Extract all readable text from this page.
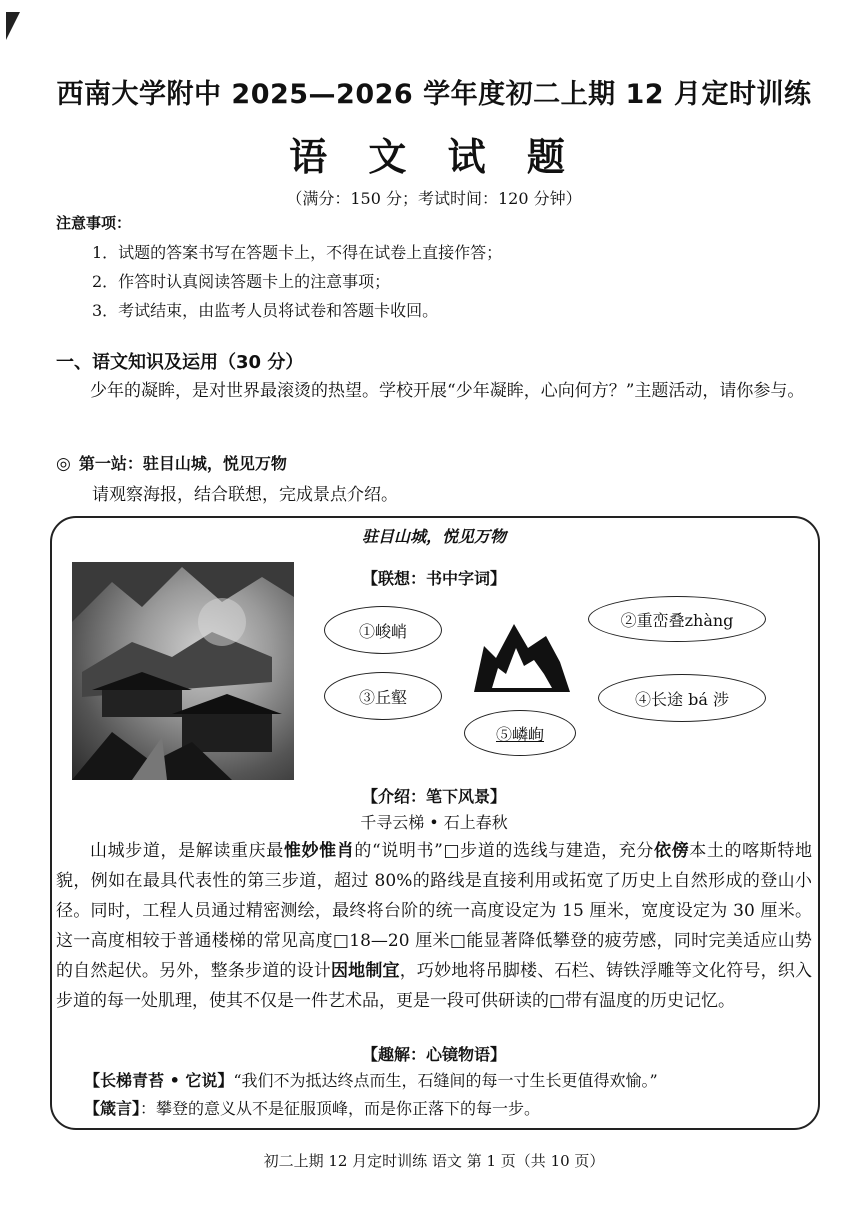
西南大学附中 2025—2026 学年度初二上期 12 月定时训练
语 文 试 题
（满分：150 分；考试时间：120 分钟）
注意事项：
1．试题的答案书写在答题卡上，不得在试卷上直接作答；
2．作答时认真阅读答题卡上的注意事项；
3．考试结束，由监考人员将试卷和答题卡收回。
一、语文知识及运用（30 分）
少年的凝眸，是对世界最滚烫的热望。学校开展“少年凝眸，心向何方？”主题活动，请你参与。
◎ 第一站：驻目山城，悦见万物
请观察海报，结合联想，完成景点介绍。
驻目山城，悦见万物
【联想：书中字词】
①峻峭
②重峦叠zhàng
③丘壑	④长途 bá 涉
⑤嶙峋
【介绍：笔下风景】
千寻云梯 • 石上春秋
山城步道，是解读重庆最惟妙惟肖的“说明书”□步道的选线与建造，充分依傍本土的喀斯特地貌，例如在最具代表性的第三步道，超过 80%的路线是直接利用或拓宽了历史上自然形成的登山小径。同时，工程人员通过精密测绘，最终将台阶的统一高度设定为 15 厘米，宽度设定为 30 厘米。这一高度相较于普通楼梯的常见高度□18—20 厘米□能显著降低攀登的疲劳感，同时完美适应山势的自然起伏。另外，整条步道的设计因地制宜，巧妙地将吊脚楼、石栏、铸铁浮雕等文化符号，织入步道的每一处肌理，使其不仅是一件艺术品，更是一段可供研读的□带有温度的历史记忆。
【趣解：心镜物语】
【长梯青苔 • 它说】“我们不为抵达终点而生，石缝间的每一寸生长更值得欢愉。”
【箴言】：攀登的意义从不是征服顶峰，而是你正落下的每一步。
初二上期 12 月定时训练 语文 第 1 页（共 10 页）
